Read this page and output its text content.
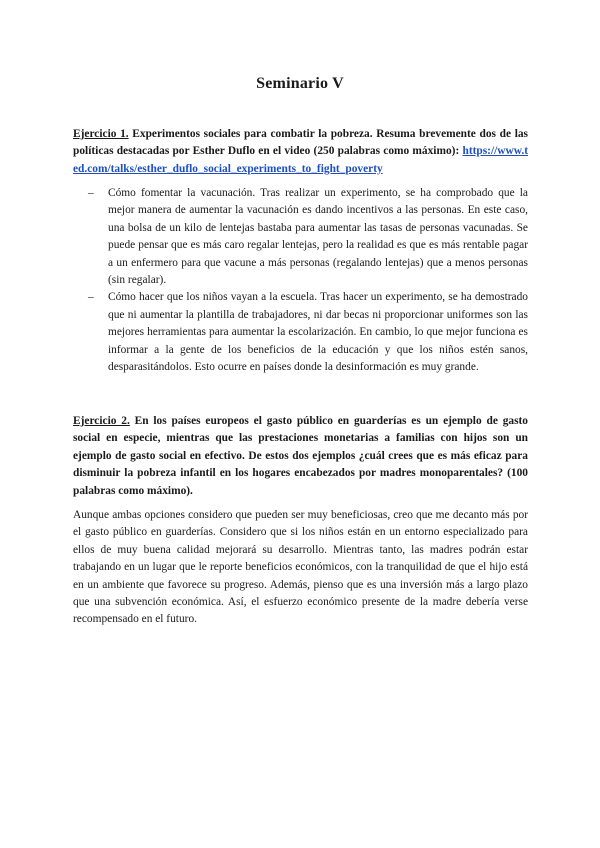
Seminario V
Ejercicio 1. Experimentos sociales para combatir la pobreza. Resuma brevemente dos de las políticas destacadas por Esther Duflo en el video (250 palabras como máximo): https://www.ted.com/talks/esther_duflo_social_experiments_to_fight_poverty
– Cómo fomentar la vacunación. Tras realizar un experimento, se ha comprobado que la mejor manera de aumentar la vacunación es dando incentivos a las personas. En este caso, una bolsa de un kilo de lentejas bastaba para aumentar las tasas de personas vacunadas. Se puede pensar que es más caro regalar lentejas, pero la realidad es que es más rentable pagar a un enfermero para que vacune a más personas (regalando lentejas) que a menos personas (sin regalar).
– Cómo hacer que los niños vayan a la escuela. Tras hacer un experimento, se ha demostrado que ni aumentar la plantilla de trabajadores, ni dar becas ni proporcionar uniformes son las mejores herramientas para aumentar la escolarización. En cambio, lo que mejor funciona es informar a la gente de los beneficios de la educación y que los niños estén sanos, desparasitándolos. Esto ocurre en países donde la desinformación es muy grande.
Ejercicio 2. En los países europeos el gasto público en guarderías es un ejemplo de gasto social en especie, mientras que las prestaciones monetarias a familias con hijos son un ejemplo de gasto social en efectivo. De estos dos ejemplos ¿cuál crees que es más eficaz para disminuir la pobreza infantil en los hogares encabezados por madres monoparentales? (100 palabras como máximo).
Aunque ambas opciones considero que pueden ser muy beneficiosas, creo que me decanto más por el gasto público en guarderías. Considero que si los niños están en un entorno especializado para ellos de muy buena calidad mejorará su desarrollo. Mientras tanto, las madres podrán estar trabajando en un lugar que le reporte beneficios económicos, con la tranquilidad de que el hijo está en un ambiente que favorece su progreso. Además, pienso que es una inversión más a largo plazo que una subvención económica. Así, el esfuerzo económico presente de la madre debería verse recompensado en el futuro.
